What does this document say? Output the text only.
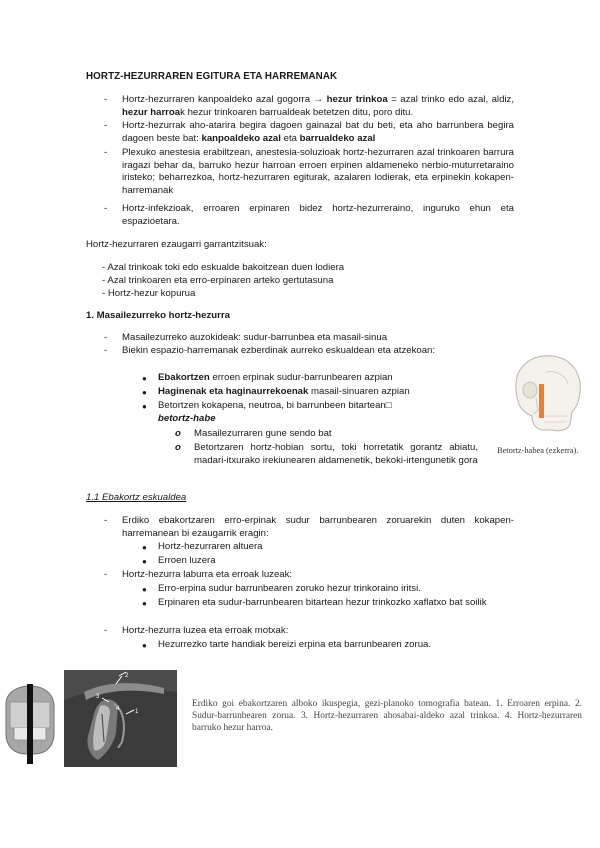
HORTZ-HEZURRAREN EGITURA ETA HARREMANAK
- Hortz-hezurraren kanpoaldeko azal gogorra → hezur trinkoa = azal trinko edo azal, aldiz, hezur harroak hezur trinkoaren barrualdeak betetzen ditu, poro ditu.
- Hortz-hezurrak aho-atarira begira dagoen gainazal bat du beti, eta aho barrunbera begira dagoen beste bat: kanpoaldeko azal eta barrualdeko azal
- Plexuko anestesia erabiltzean, anestesia-soluzioak hortz-hezurraren azal trinkoaren barrura iragazi behar da, barruko hezur harroan erroen erpinen aldameneko nerbio-muturretaraino iristeko; beharrezkoa, hortz-hezurraren egiturak, azalaren lodierak, eta erpinekin kokapen-harremanak
- Hortz-infekzioak, erroaren erpinaren bidez hortz-hezurreraino, inguruko ehun eta espazioetara.
Hortz-hezurraren ezaugarri garrantzitsuak:
- Azal trinkoak toki edo eskualde bakoitzean duen lodiera
- Azal trinkoaren eta erro-erpinaren arteko gertutasuna
- Hortz-hezur kopurua
1. Masailezurreko hortz-hezurra
- Masailezurreko auzokideak: sudur-barrunbea eta masail-sinua
- Biekin espazio-harremanak ezberdinak aurreko eskualdean eta atzekoan:
● Ebakortzen erroen erpinak sudur-barrunbearen azpian
● Haginenak eta haginaurrekoenak masail-sinuaren azpian
● Betortzen kokapena, neutroa, bi barrunbeen bitartean□
betortz-habe
o Masailezurraren gune sendo bat
o Betortzaren hortz-hobian sortu, toki horretatik gorantz abiatu, madari-itxurako irekiunearen aldamenetik, bekoki-irtengunetik gora
Betortz-habea (ezkerra).
1.1 Ebakortz eskualdea
- Erdiko ebakortzaren erro-erpinak sudur barrunbearen zoruarekin duten kokapen-harremanean bi ezaugarrik eragin:
● Hortz-hezurraren altuera
● Erroen luzera
- Hortz-hezurra laburra eta erroak luzeak:
● Erro-erpina sudur barrunbearen zoruko hezur trinkoraino iritsi.
● Erpinaren eta sudur-barrunbearen bitartean hezur trinkozko xaflatxo bat soilik
- Hortz-hezurra luzea eta erroak motxak:
● Hezurrezko tarte handiak bereizi erpina eta barrunbearen zorua.
2
3
4	1
Erdiko goi ebakortzaren alboko ikuspegia, gezi-planoko tomografia batean. 1. Erroaren erpina. 2. Sudur-barrunbearen zorua. 3. Hortz-hezurraren ahosabai-aldeko azal trinkoa. 4. Hortz-hezurraren barruko hezur harroa.
